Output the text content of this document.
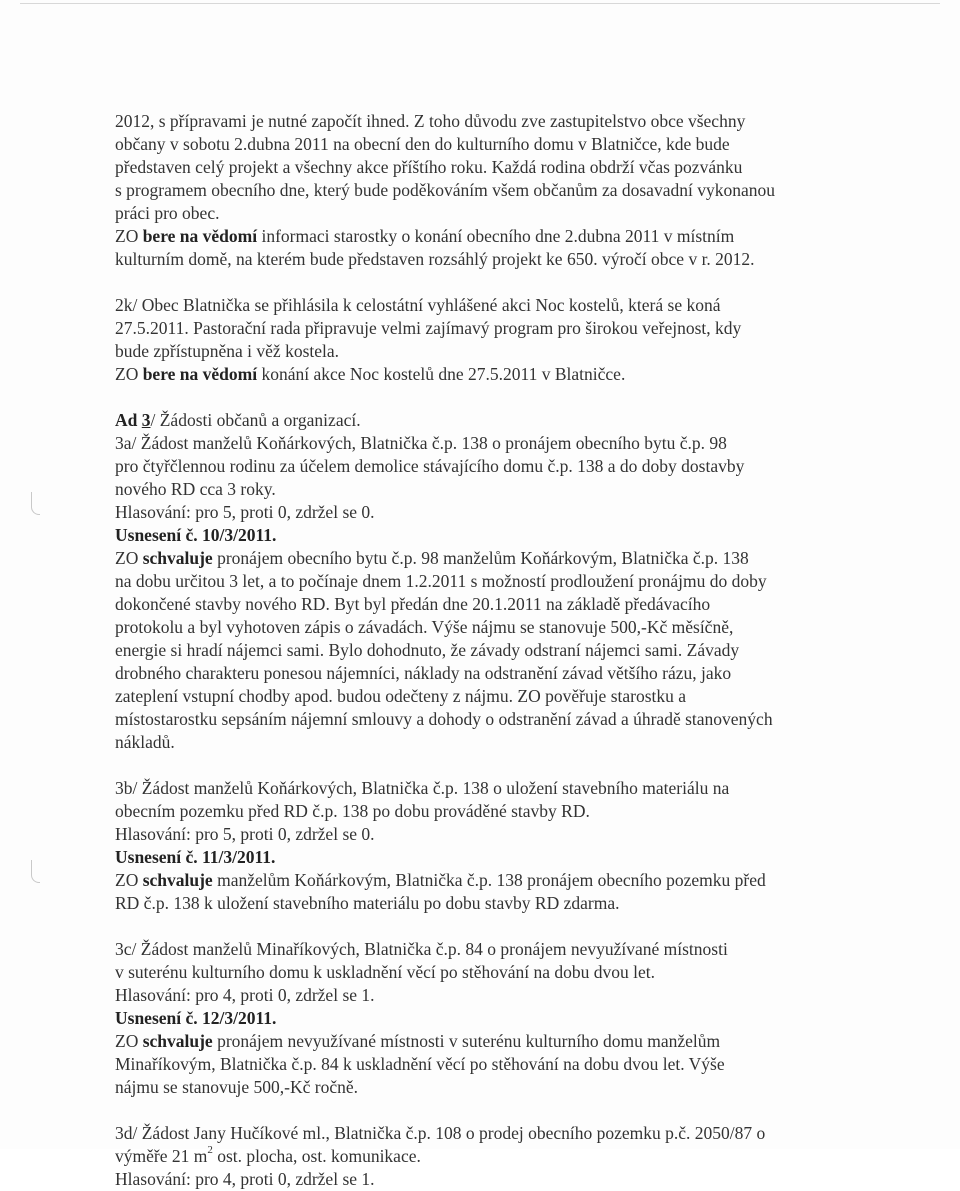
2012, s přípravami je nutné započít ihned. Z toho důvodu zve zastupitelstvo obce všechny
občany v sobotu 2.dubna 2011 na obecní den do kulturního domu v Blatničce, kde bude
představen celý projekt a všechny akce příštího roku. Každá rodina obdrží včas pozvánku
s programem obecního dne, který bude poděkováním všem občanům za dosavadní vykonanou
práci pro obec.
ZO bere na vědomí informaci starostky o konání obecního dne 2.dubna 2011 v místním
kulturním domě, na kterém bude představen rozsáhlý projekt ke 650. výročí obce v r. 2012.
2k/ Obec Blatnička se přihlásila k celostátní vyhlášené akci Noc kostelů, která se koná
27.5.2011. Pastorační rada připravuje velmi zajímavý program pro širokou veřejnost, kdy
bude zpřístupněna i věž kostela.
ZO bere na vědomí konání akce Noc kostelů dne 27.5.2011 v Blatničce.
Ad 3/ Žádosti občanů a organizací.
3a/ Žádost manželů Koňárkových, Blatnička č.p. 138 o pronájem obecního bytu č.p. 98
pro čtyřčlennou rodinu za účelem demolice stávajícího domu č.p. 138 a do doby dostavby
nového RD cca 3 roky.
Hlasování: pro 5, proti 0, zdržel se 0.
Usnesení č. 10/3/2011.
ZO schvaluje pronájem obecního bytu č.p. 98 manželům Koňárkovým, Blatnička č.p. 138
na dobu určitou 3 let, a to počínaje dnem 1.2.2011 s možností prodloužení pronájmu do doby
dokončené stavby nového RD. Byt byl předán dne 20.1.2011 na základě předávacího
protokolu a byl vyhotoven zápis o závadách. Výše nájmu se stanovuje 500,-Kč měsíčně,
energie si hradí nájemci sami. Bylo dohodnuto, že závady odstraní nájemci sami. Závady
drobného charakteru ponesou nájemníci, náklady na odstranění závad většího rázu, jako
zateplení vstupní chodby apod. budou odečteny z nájmu. ZO pověřuje starostku a
místostarostku sepsáním nájemní smlouvy a dohody o odstranění závad a úhradě stanovených
nákladů.
3b/ Žádost manželů Koňárkových, Blatnička č.p. 138 o uložení stavebního materiálu na
obecním pozemku před RD č.p. 138 po dobu prováděné stavby RD.
Hlasování: pro 5, proti 0, zdržel se 0.
Usnesení č. 11/3/2011.
ZO schvaluje manželům Koňárkovým, Blatnička č.p. 138 pronájem obecního pozemku před
RD č.p. 138 k uložení stavebního materiálu po dobu stavby RD zdarma.
3c/ Žádost manželů Minaříkových, Blatnička č.p. 84 o pronájem nevyužívané místnosti
v suterénu kulturního domu k uskladnění věcí po stěhování na dobu dvou let.
Hlasování: pro 4, proti 0, zdržel se 1.
Usnesení č. 12/3/2011.
ZO schvaluje pronájem nevyužívané místnosti v suterénu kulturního domu manželům
Minaříkovým, Blatnička č.p. 84 k uskladnění věcí po stěhování na dobu dvou let. Výše
nájmu se stanovuje 500,-Kč ročně.
3d/ Žádost Jany Hučíkové ml., Blatnička č.p. 108 o prodej obecního pozemku p.č. 2050/87 o
výměře 21 $m^2$ ost. plocha, ost. komunikace.
Hlasování: pro 4, proti 0, zdržel se 1.
